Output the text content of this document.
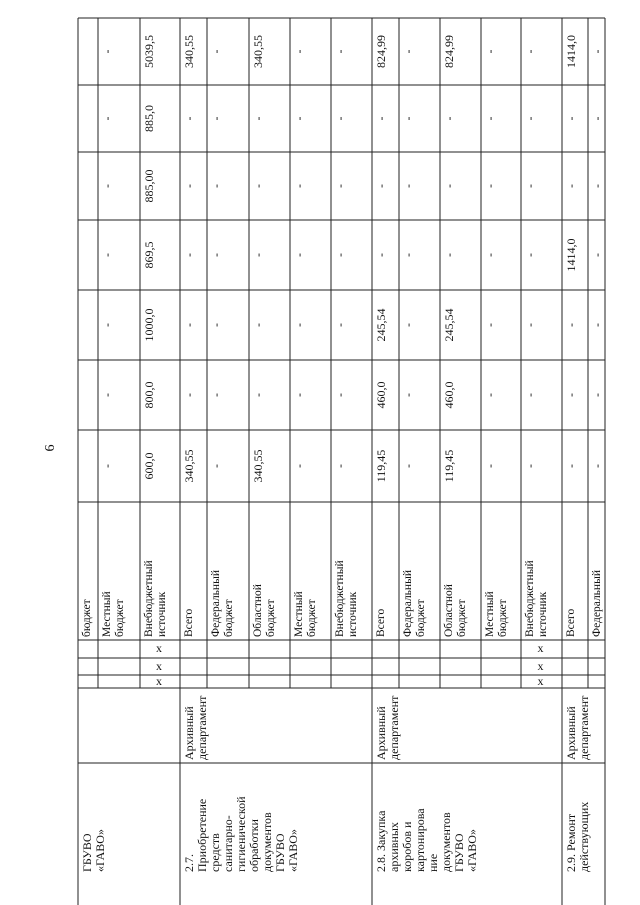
6
ГБУВО
«ГАВО»
бюджет Местный
бюджет
-
-
-
-
-
-
-
Внебюджетный
источник
600,0
800,0
1000,0
869,5
885,00
885,0
5039,5
х
х
х
2.7.
Приобретение
средств
санитарно-
гигиенической
обработки
документов
ГБУВО
«ГАВО»
Архивный
департамент
Всего
340,55
-
-
-
-
-
340,55
Федеральный
бюджет
-
-
-
-
-
-
-
Областной
бюджет
340,55
-
-
-
-
-
340,55
Местный
бюджет
-
-
-
-
-
-
-
Внебюджетный
источник
-
-
-
-
-
-
-
2.8. Закупка
архивных
коробов и
картонирова
ние
документов
ГБУВО
«ГАВО»
Архивный
департамент
Всего
119,45
460,0
245,54
-
-
-
824,99
Федеральный
бюджет
-
-
-
-
-
-
-
Областной
бюджет
119,45
460,0
245,54
-
-
-
824,99
Местный
бюджет
-
-
-
-
-
-
-
Внебюджетный
источник
-
-
-
-
-
-
-
х
х
х
2.9. Ремонт
действующих
Архивный
департамент
Всего
-
-
-
1414,0
-
-
1414,0
Федеральный
-
-
-
-
-
-
-
